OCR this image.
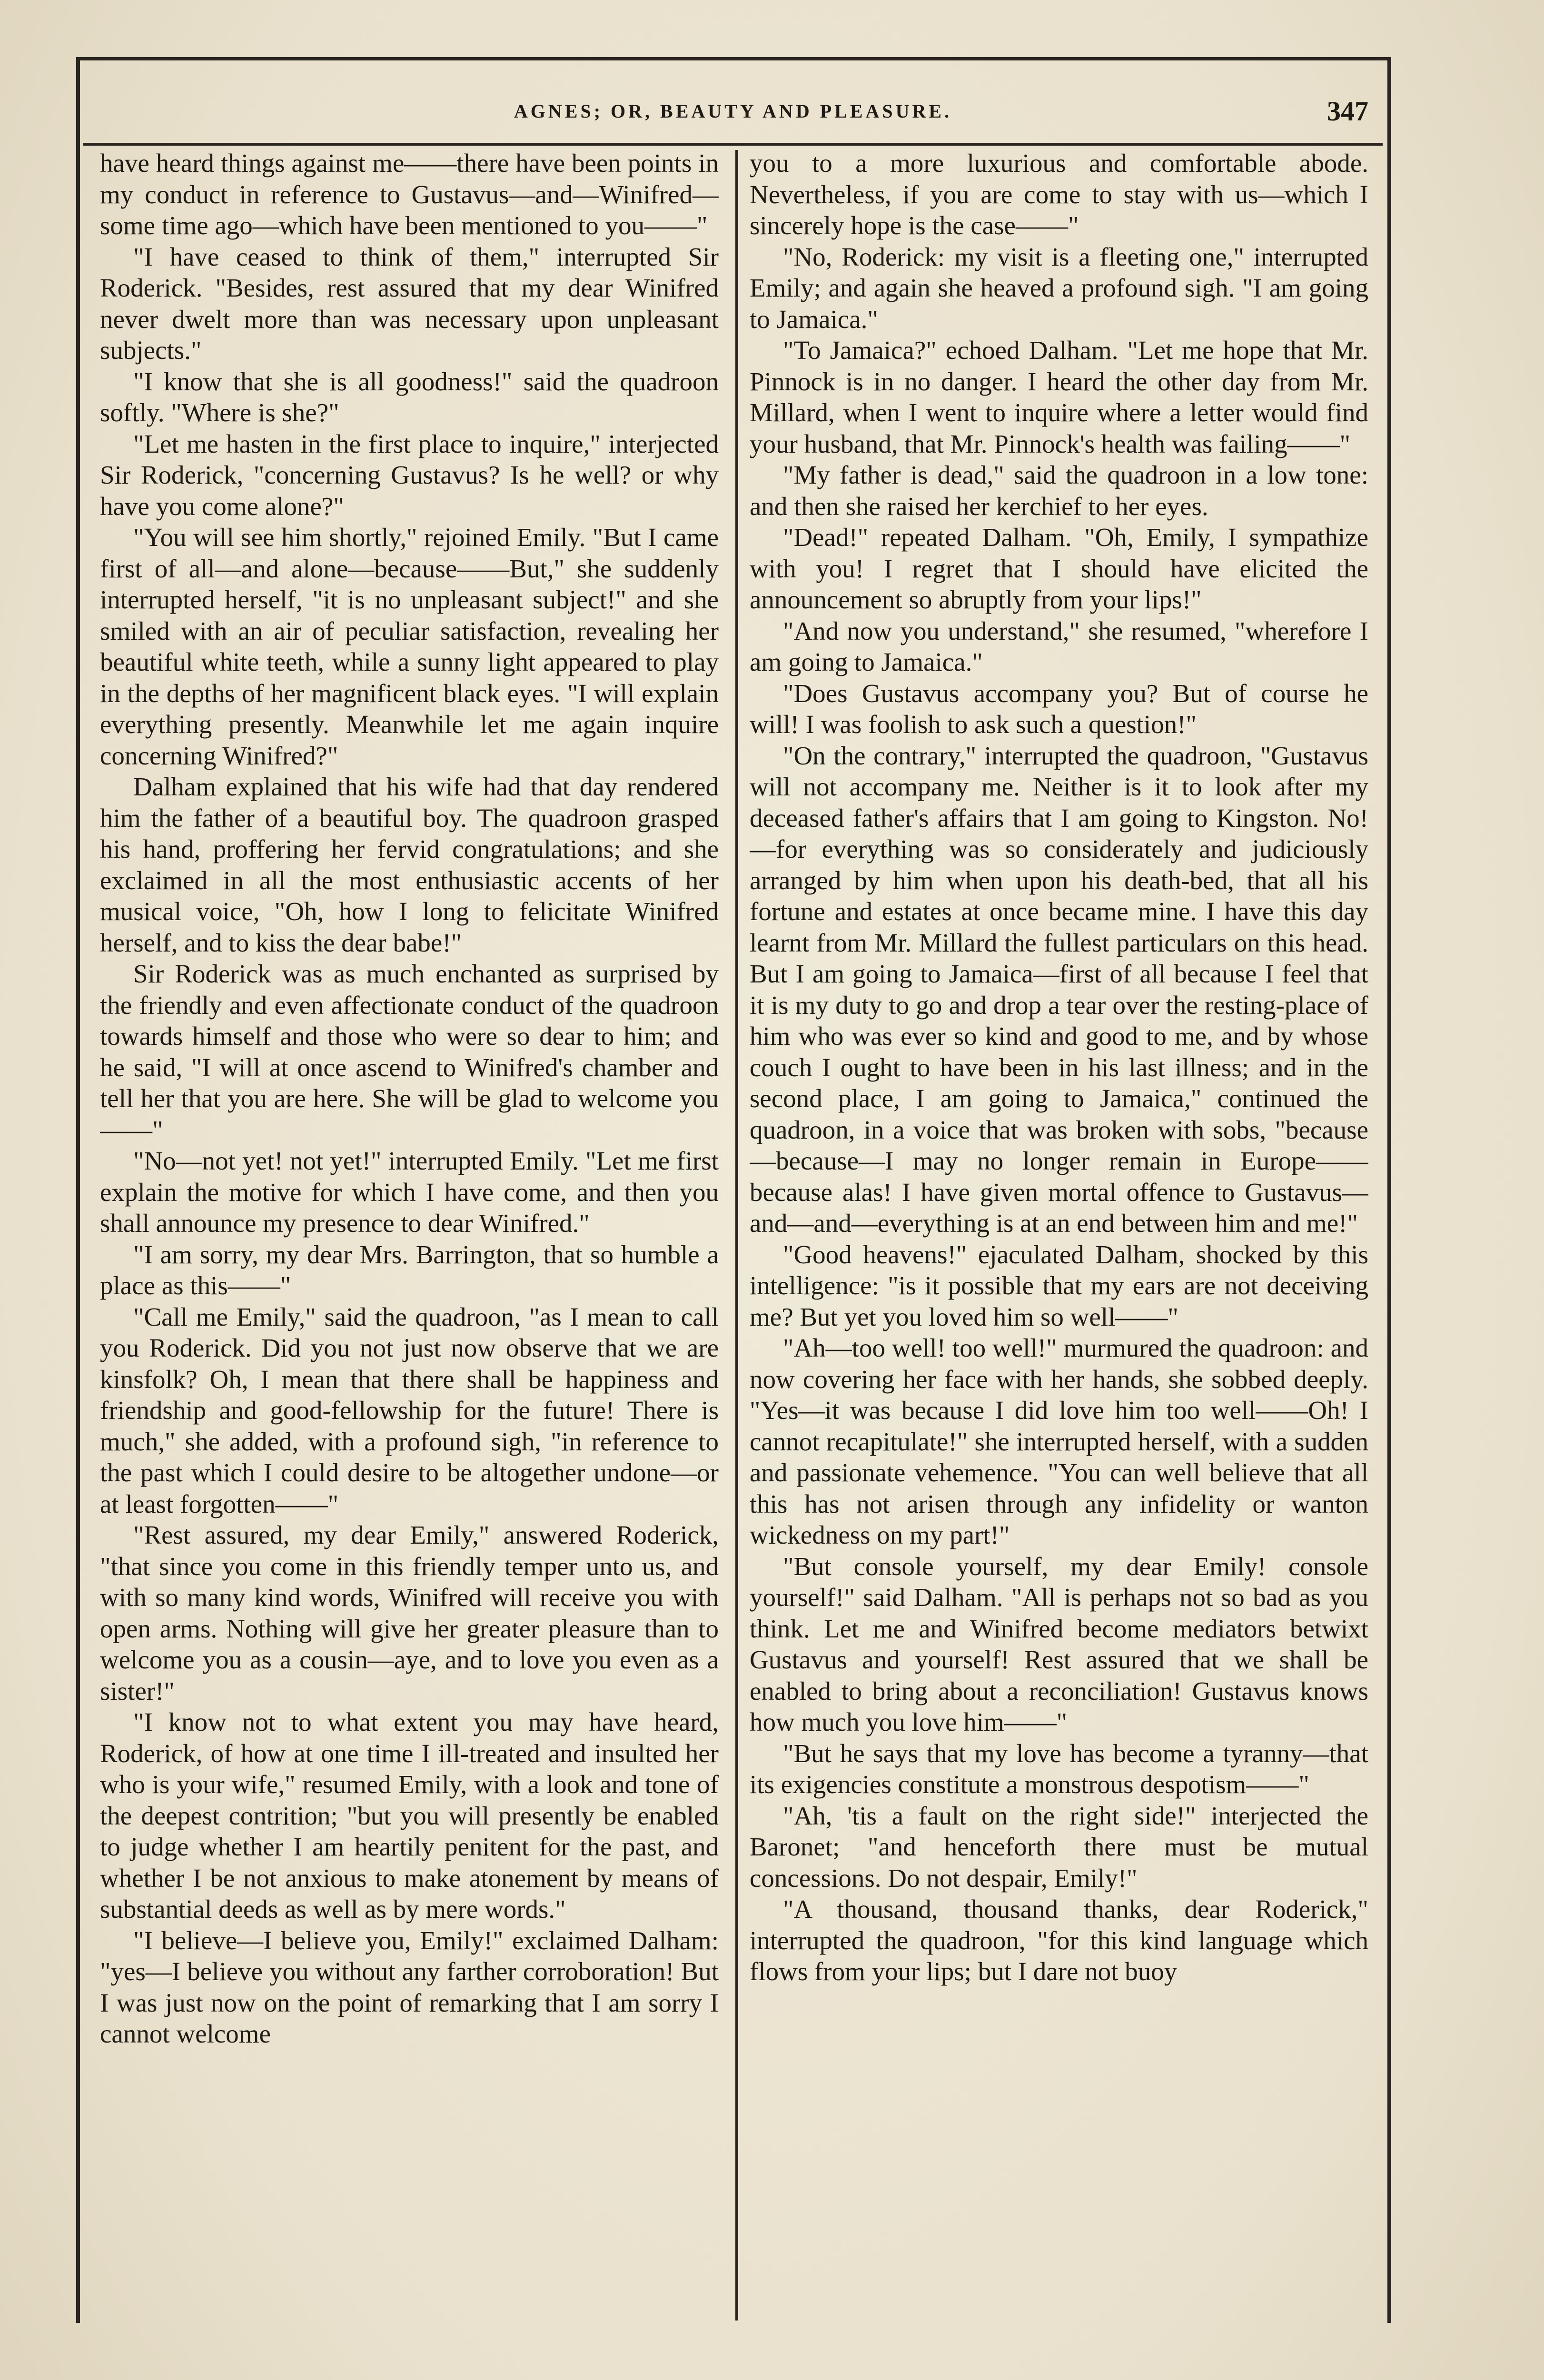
AGNES; OR, BEAUTY AND PLEASURE.	347

have heard things against me——there have been points in my conduct in reference to Gustavus—and—Winifred—some time ago—which have been mentioned to you——"

"I have ceased to think of them," interrupted Sir Roderick. "Besides, rest assured that my dear Winifred never dwelt more than was necessary upon unpleasant subjects."

"I know that she is all goodness!" said the quadroon softly. "Where is she?"

"Let me hasten in the first place to inquire," interjected Sir Roderick, "concerning Gustavus? Is he well? or why have you come alone?"

"You will see him shortly," rejoined Emily. "But I came first of all—and alone—because——But," she suddenly interrupted herself, "it is no unpleasant subject!" and she smiled with an air of peculiar satisfaction, revealing her beautiful white teeth, while a sunny light appeared to play in the depths of her magnificent black eyes. "I will explain everything presently. Meanwhile let me again inquire concerning Winifred?"

Dalham explained that his wife had that day rendered him the father of a beautiful boy. The quadroon grasped his hand, proffering her fervid congratulations; and she exclaimed in all the most enthusiastic accents of her musical voice, "Oh, how I long to felicitate Winifred herself, and to kiss the dear babe!"

Sir Roderick was as much enchanted as surprised by the friendly and even affectionate conduct of the quadroon towards himself and those who were so dear to him; and he said, "I will at once ascend to Winifred's chamber and tell her that you are here. She will be glad to welcome you——"

"No—not yet! not yet!" interrupted Emily. "Let me first explain the motive for which I have come, and then you shall announce my presence to dear Winifred."

"I am sorry, my dear Mrs. Barrington, that so humble a place as this——"

"Call me Emily," said the quadroon, "as I mean to call you Roderick. Did you not just now observe that we are kinsfolk? Oh, I mean that there shall be happiness and friendship and good-fellowship for the future! There is much," she added, with a profound sigh, "in reference to the past which I could desire to be altogether undone—or at least forgotten——"

"Rest assured, my dear Emily," answered Roderick, "that since you come in this friendly temper unto us, and with so many kind words, Winifred will receive you with open arms. Nothing will give her greater pleasure than to welcome you as a cousin—aye, and to love you even as a sister!"

"I know not to what extent you may have heard, Roderick, of how at one time I ill-treated and insulted her who is your wife," resumed Emily, with a look and tone of the deepest contrition; "but you will presently be enabled to judge whether I am heartily penitent for the past, and whether I be not anxious to make atonement by means of substantial deeds as well as by mere words."

"I believe—I believe you, Emily!" exclaimed Dalham: "yes—I believe you without any farther corroboration! But I was just now on the point of remarking that I am sorry I cannot welcome

you to a more luxurious and comfortable abode. Nevertheless, if you are come to stay with us—which I sincerely hope is the case——"

"No, Roderick: my visit is a fleeting one," interrupted Emily; and again she heaved a profound sigh. "I am going to Jamaica."

"To Jamaica?" echoed Dalham. "Let me hope that Mr. Pinnock is in no danger. I heard the other day from Mr. Millard, when I went to inquire where a letter would find your husband, that Mr. Pinnock's health was failing——"

"My father is dead," said the quadroon in a low tone: and then she raised her kerchief to her eyes.

"Dead!" repeated Dalham. "Oh, Emily, I sympathize with you! I regret that I should have elicited the announcement so abruptly from your lips!"

"And now you understand," she resumed, "wherefore I am going to Jamaica."

"Does Gustavus accompany you? But of course he will! I was foolish to ask such a question!"

"On the contrary," interrupted the quadroon, "Gustavus will not accompany me. Neither is it to look after my deceased father's affairs that I am going to Kingston. No!—for everything was so considerately and judiciously arranged by him when upon his death-bed, that all his fortune and estates at once became mine. I have this day learnt from Mr. Millard the fullest particulars on this head. But I am going to Jamaica—first of all because I feel that it is my duty to go and drop a tear over the resting-place of him who was ever so kind and good to me, and by whose couch I ought to have been in his last illness; and in the second place, I am going to Jamaica," continued the quadroon, in a voice that was broken with sobs, "because—because—I may no longer remain in Europe——because alas! I have given mortal offence to Gustavus—and—and—everything is at an end between him and me!"

"Good heavens!" ejaculated Dalham, shocked by this intelligence: "is it possible that my ears are not deceiving me? But yet you loved him so well——"

"Ah—too well! too well!" murmured the quadroon: and now covering her face with her hands, she sobbed deeply. "Yes—it was because I did love him too well——Oh! I cannot recapitulate!" she interrupted herself, with a sudden and passionate vehemence. "You can well believe that all this has not arisen through any infidelity or wanton wickedness on my part!"

"But console yourself, my dear Emily! console yourself!" said Dalham. "All is perhaps not so bad as you think. Let me and Winifred become mediators betwixt Gustavus and yourself! Rest assured that we shall be enabled to bring about a reconciliation! Gustavus knows how much you love him——"

"But he says that my love has become a tyranny—that its exigencies constitute a monstrous despotism——"

"Ah, 'tis a fault on the right side!" interjected the Baronet; "and henceforth there must be mutual concessions. Do not despair, Emily!"

"A thousand, thousand thanks, dear Roderick," interrupted the quadroon, "for this kind language which flows from your lips; but I dare not buoy
